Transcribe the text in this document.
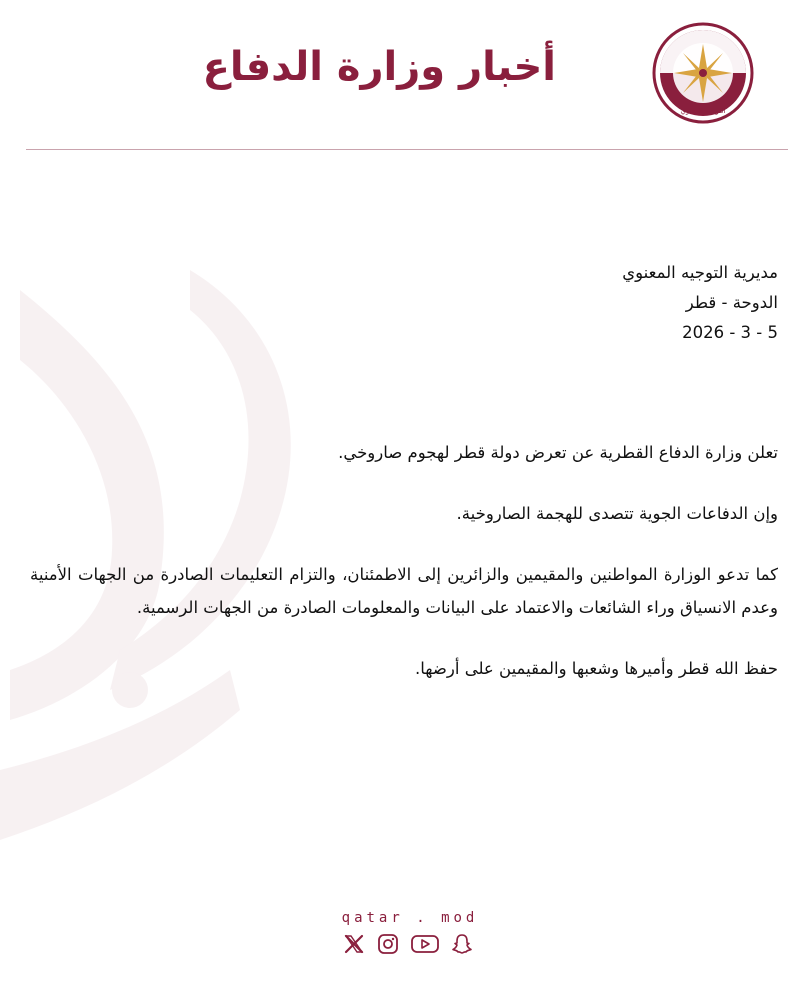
أخبار وزارة الدفاع
التوجيه المعنوي
مديرية التوجيه المعنوي
الدوحة - قطر
2026 - 3 - 5

تعلن وزارة الدفاع القطرية عن تعرض دولة قطر لهجوم صاروخي.

وإن الدفاعات الجوية تتصدى للهجمة الصاروخية.

كما تدعو الوزارة المواطنين والمقيمين والزائرين إلى الاطمئنان، والتزام التعليمات الصادرة من الجهات الأمنية وعدم الانسياق وراء الشائعات والاعتماد على البيانات والمعلومات الصادرة من الجهات الرسمية.

حفظ الله قطر وأميرها وشعبها والمقيمين على أرضها.

qatar . mod
